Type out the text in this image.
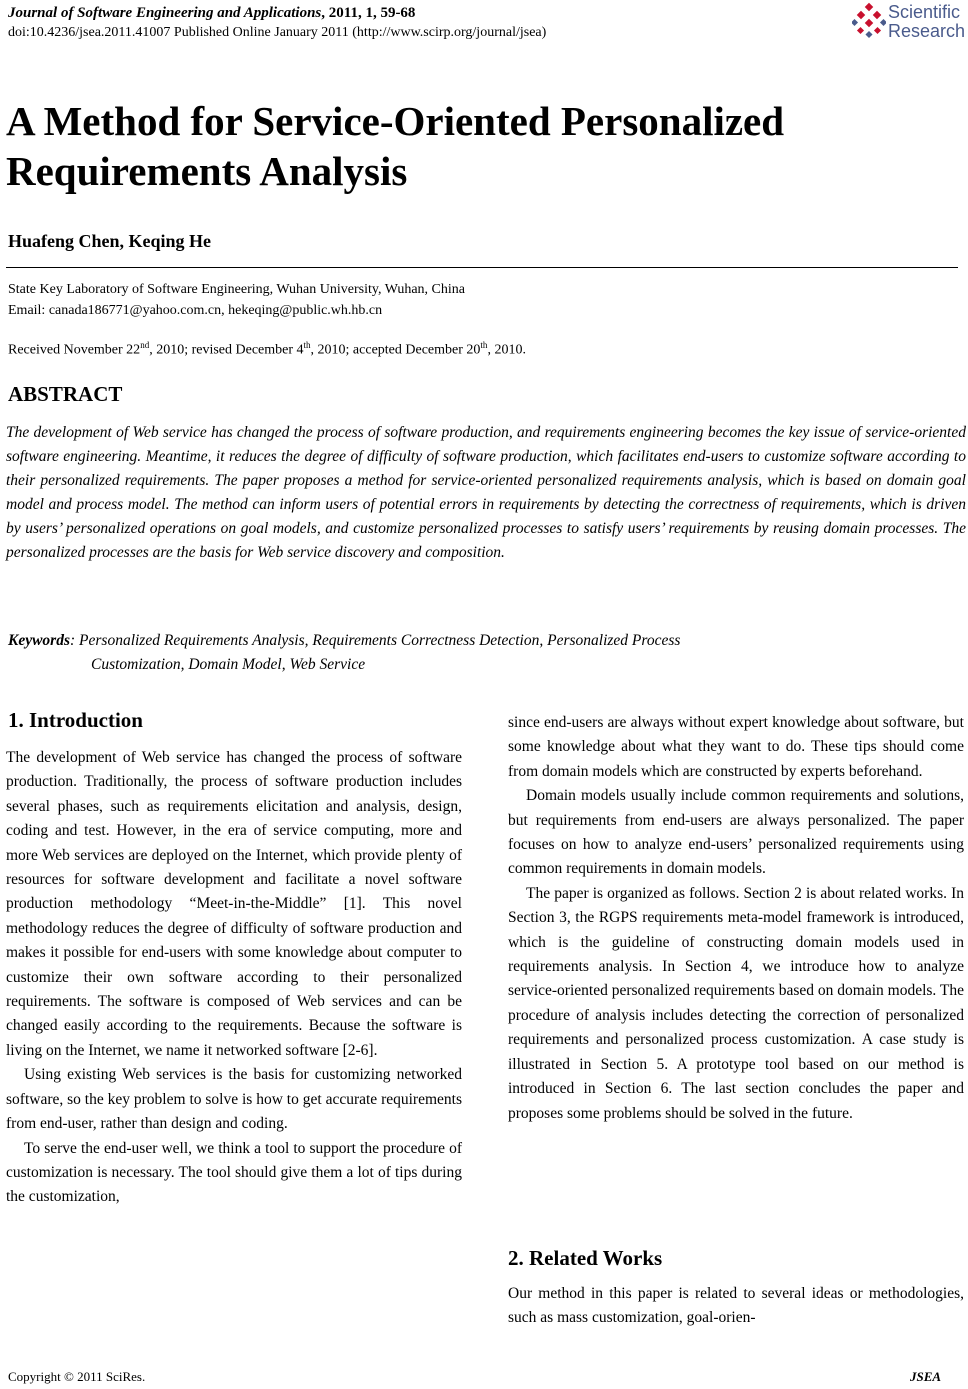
Journal of Software Engineering and Applications, 2011, 1, 59-68
doi:10.4236/jsea.2011.41007 Published Online January 2011 (http://www.scirp.org/journal/jsea)
Scientific
Research
A Method for Service-Oriented Personalized Requirements Analysis
Huafeng Chen, Keqing He
State Key Laboratory of Software Engineering, Wuhan University, Wuhan, China
Email: canada186771@yahoo.com.cn, hekeqing@public.wh.hb.cn
Received November 22nd, 2010; revised December 4th, 2010; accepted December 20th, 2010.
ABSTRACT
The development of Web service has changed the process of software production, and requirements engineering becomes the key issue of service-oriented software engineering. Meantime, it reduces the degree of difficulty of software production, which facilitates end-users to customize software according to their personalized requirements. The paper proposes a method for service-oriented personalized requirements analysis, which is based on domain goal model and process model. The method can inform users of potential errors in requirements by detecting the correctness of requirements, which is driven by users’ personalized operations on goal models, and customize personalized processes to satisfy users’ requirements by reusing domain processes. The personalized processes are the basis for Web service discovery and composition.
Keywords: Personalized Requirements Analysis, Requirements Correctness Detection, Personalized Process
Customization, Domain Model, Web Service
1. Introduction

The development of Web service has changed the process of software production. Traditionally, the process of software production includes several phases, such as requirements elicitation and analysis, design, coding and test. However, in the era of service computing, more and more Web services are deployed on the Internet, which provide plenty of resources for software development and facilitate a novel software production methodology “Meet-in-the-Middle” [1]. This novel methodology reduces the degree of difficulty of software production and makes it possible for end-users with some knowledge about computer to customize their own software according to their personalized requirements. The software is composed of Web services and can be changed easily according to the requirements. Because the software is living on the Internet, we name it networked software [2-6].

Using existing Web services is the basis for customizing networked software, so the key problem to solve is how to get accurate requirements from end-user, rather than design and coding.

To serve the end-user well, we think a tool to support the procedure of customization is necessary. The tool should give them a lot of tips during the customization,

since end-users are always without expert knowledge about software, but some knowledge about what they want to do. These tips should come from domain models which are constructed by experts beforehand.

Domain models usually include common requirements and solutions, but requirements from end-users are always personalized. The paper focuses on how to analyze end-users’ personalized requirements using common requirements in domain models.

The paper is organized as follows. Section 2 is about related works. In Section 3, the RGPS requirements meta-model framework is introduced, which is the guideline of constructing domain models used in requirements analysis. In Section 4, we introduce how to analyze service-oriented personalized requirements based on domain models. The procedure of analysis includes detecting the correction of personalized requirements and personalized process customization. A case study is illustrated in Section 5. A prototype tool based on our method is introduced in Section 6. The last section concludes the paper and proposes some problems should be solved in the future.

2. Related Works

Our method in this paper is related to several ideas or methodologies, such as mass customization, goal-orien-

Copyright © 2011 SciRes.	JSEA
